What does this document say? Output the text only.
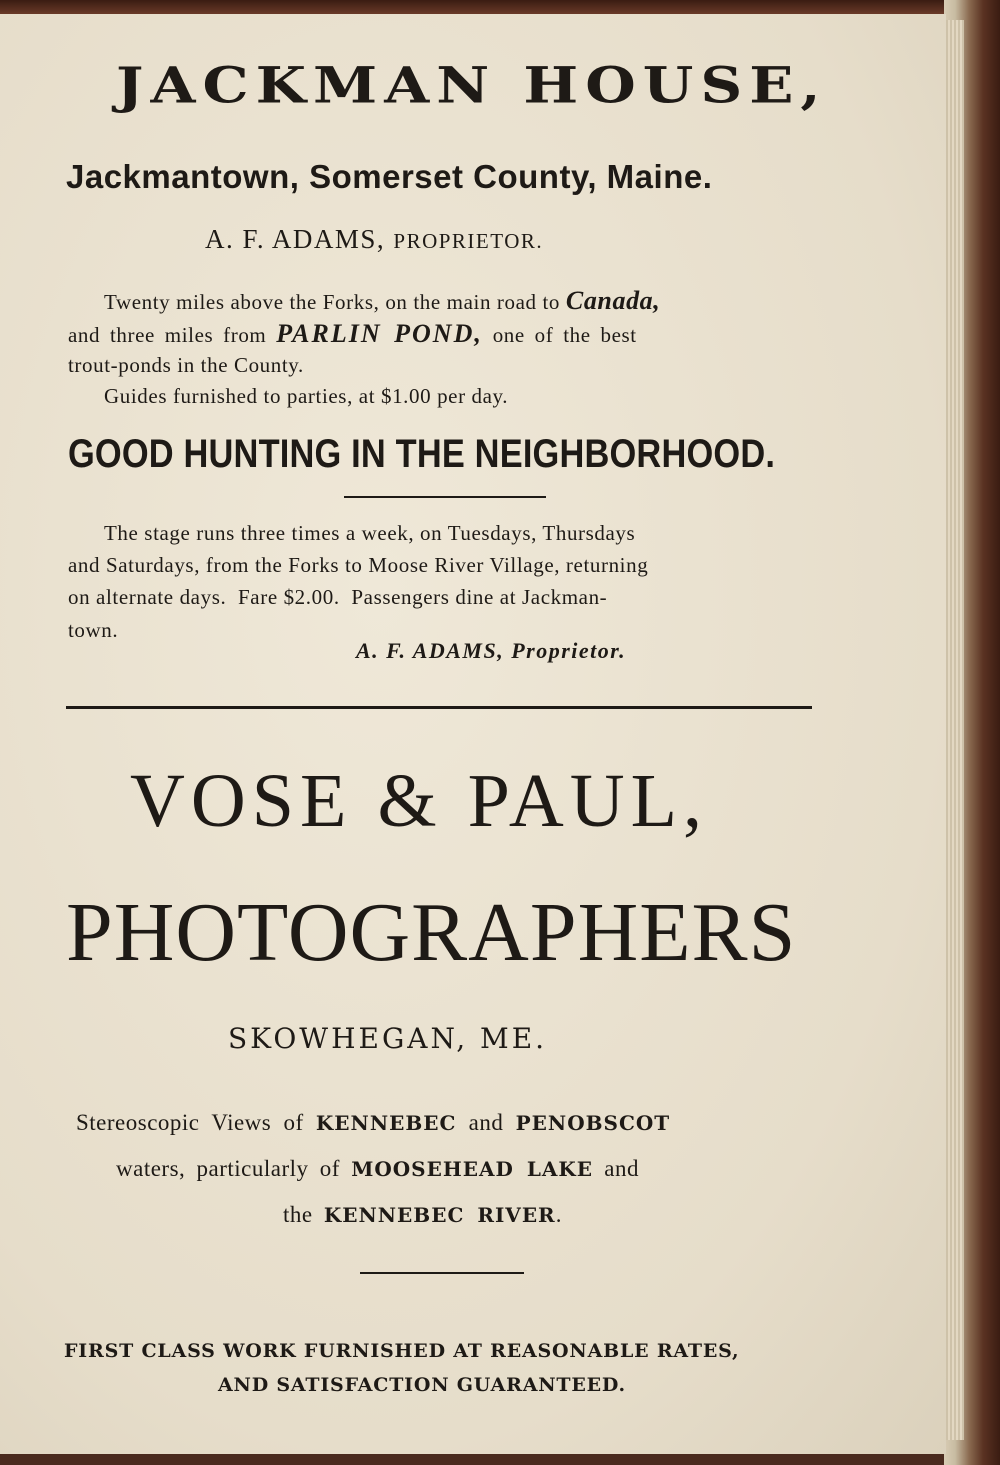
JACKMAN HOUSE,
Jackmantown, Somerset County, Maine.
A. F. ADAMS, PROPRIETOR.
Twenty miles above the Forks, on the main road to Canada,
and three miles from PARLIN POND, one of the best
trout-ponds in the County.
Guides furnished to parties, at $1.00 per day.
GOOD HUNTING IN THE NEIGHBORHOOD.
The stage runs three times a week, on Tuesdays, Thursdays
and Saturdays, from the Forks to Moose River Village, returning
on alternate days.  Fare $2.00.  Passengers dine at Jackman-
town.
A. F. ADAMS, Proprietor.
VOSE & PAUL,
PHOTOGRAPHERS
SKOWHEGAN, ME.
Stereoscopic Views of KENNEBEC and PENOBSCOT
waters, particularly of MOOSEHEAD LAKE and
the KENNEBEC RIVER.
FIRST CLASS WORK FURNISHED AT REASONABLE RATES,
AND SATISFACTION GUARANTEED.
